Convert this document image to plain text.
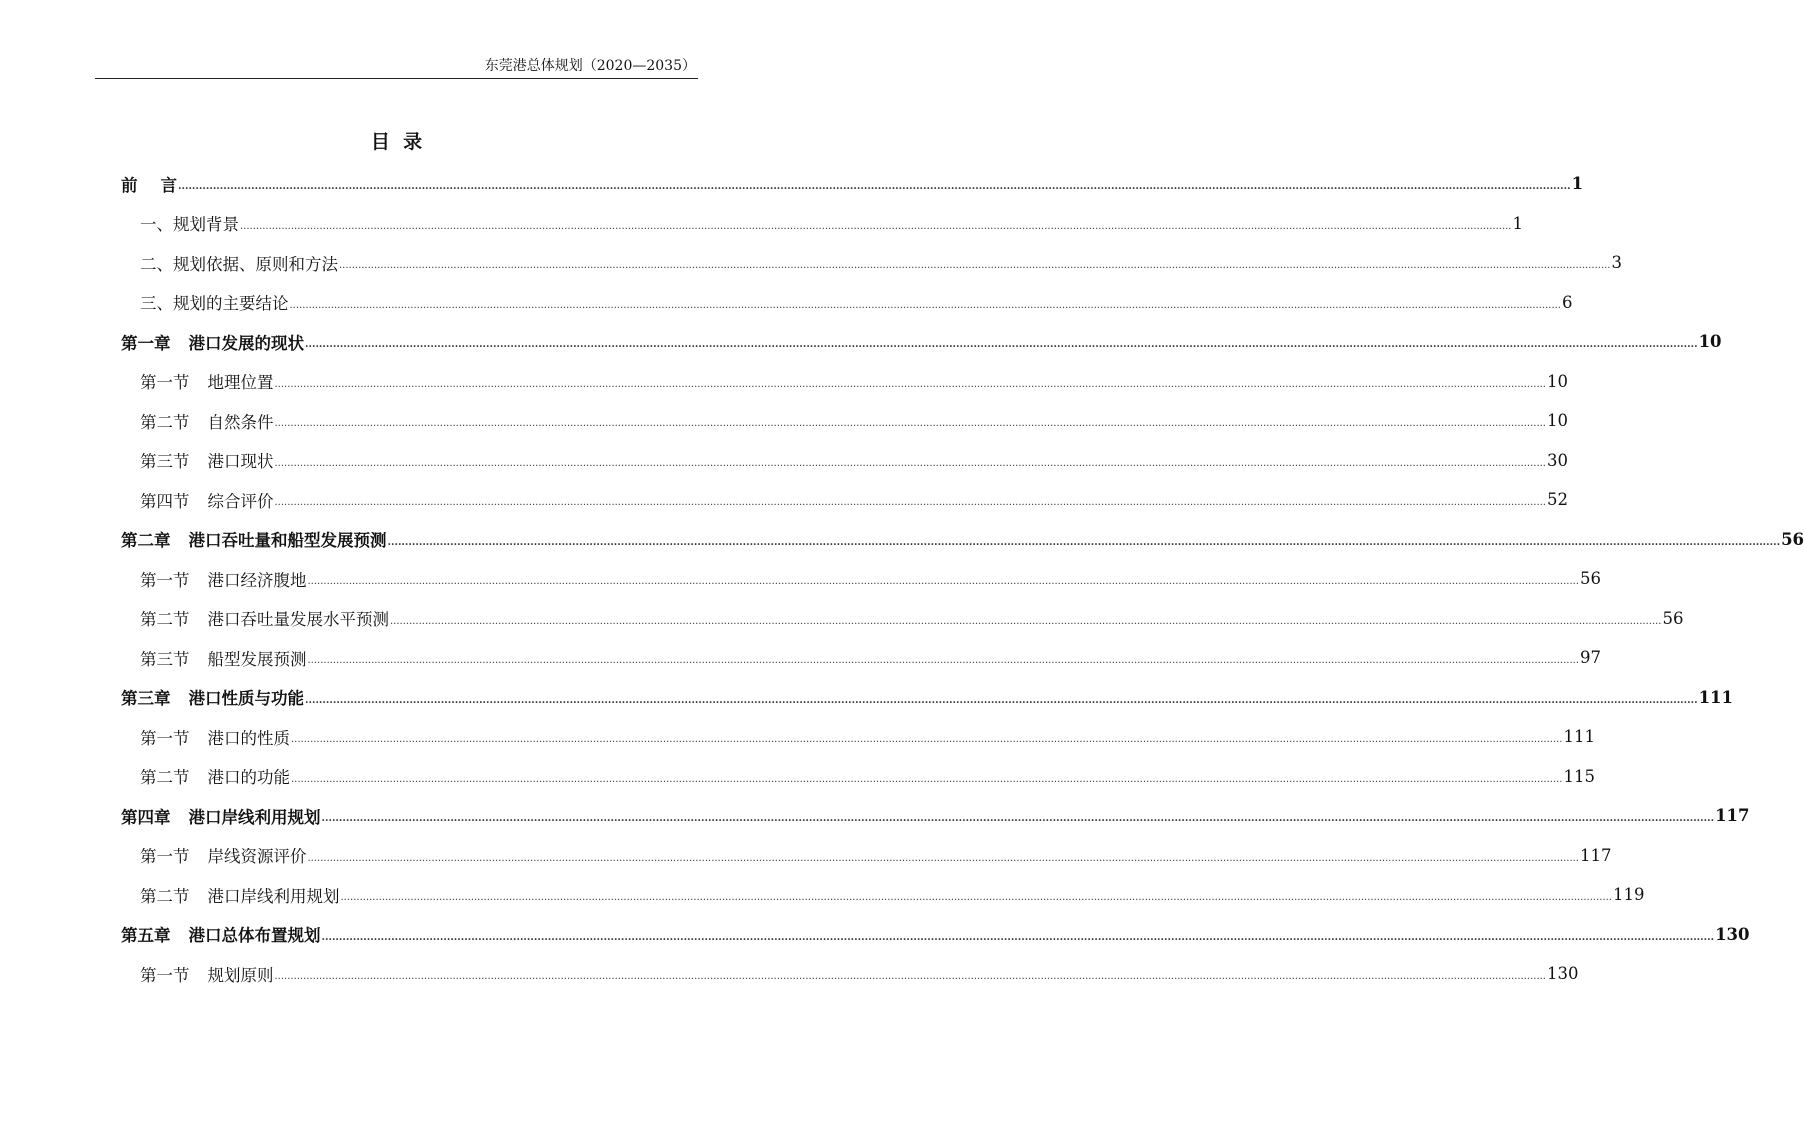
东莞港总体规划（2020—2035）
目  录
前 言 ................................................................................................................................................................................................................................................................................................................................................................................................................ 1
一、规划背景 ................................................................................................................................................................................................................................................................................................................................................................................................................ 1
二、规划依据、原则和方法 ................................................................................................................................................................................................................................................................................................................................................................................................................ 3
三、规划的主要结论 ................................................................................................................................................................................................................................................................................................................................................................................................................ 6
第一章 港口发展的现状 ................................................................................................................................................................................................................................................................................................................................................................................................................ 10
第一节 地理位置 ................................................................................................................................................................................................................................................................................................................................................................................................................ 10
第二节 自然条件 ................................................................................................................................................................................................................................................................................................................................................................................................................ 10
第三节 港口现状 ................................................................................................................................................................................................................................................................................................................................................................................................................ 30
第四节 综合评价 ................................................................................................................................................................................................................................................................................................................................................................................................................ 52
第二章 港口吞吐量和船型发展预测 ................................................................................................................................................................................................................................................................................................................................................................................................................ 56
第一节 港口经济腹地 ................................................................................................................................................................................................................................................................................................................................................................................................................ 56
第二节 港口吞吐量发展水平预测 ................................................................................................................................................................................................................................................................................................................................................................................................................ 56
第三节 船型发展预测 ................................................................................................................................................................................................................................................................................................................................................................................................................ 97
第三章 港口性质与功能 ................................................................................................................................................................................................................................................................................................................................................................................................................ 111
第一节 港口的性质 ................................................................................................................................................................................................................................................................................................................................................................................................................ 111
第二节 港口的功能 ................................................................................................................................................................................................................................................................................................................................................................................................................ 115
第四章 港口岸线利用规划 ................................................................................................................................................................................................................................................................................................................................................................................................................ 117
第一节 岸线资源评价 ................................................................................................................................................................................................................................................................................................................................................................................................................ 117
第二节 港口岸线利用规划 ................................................................................................................................................................................................................................................................................................................................................................................................................ 119
第五章 港口总体布置规划 ................................................................................................................................................................................................................................................................................................................................................................................................................ 130
第一节 规划原则 ................................................................................................................................................................................................................................................................................................................................................................................................................ 130
